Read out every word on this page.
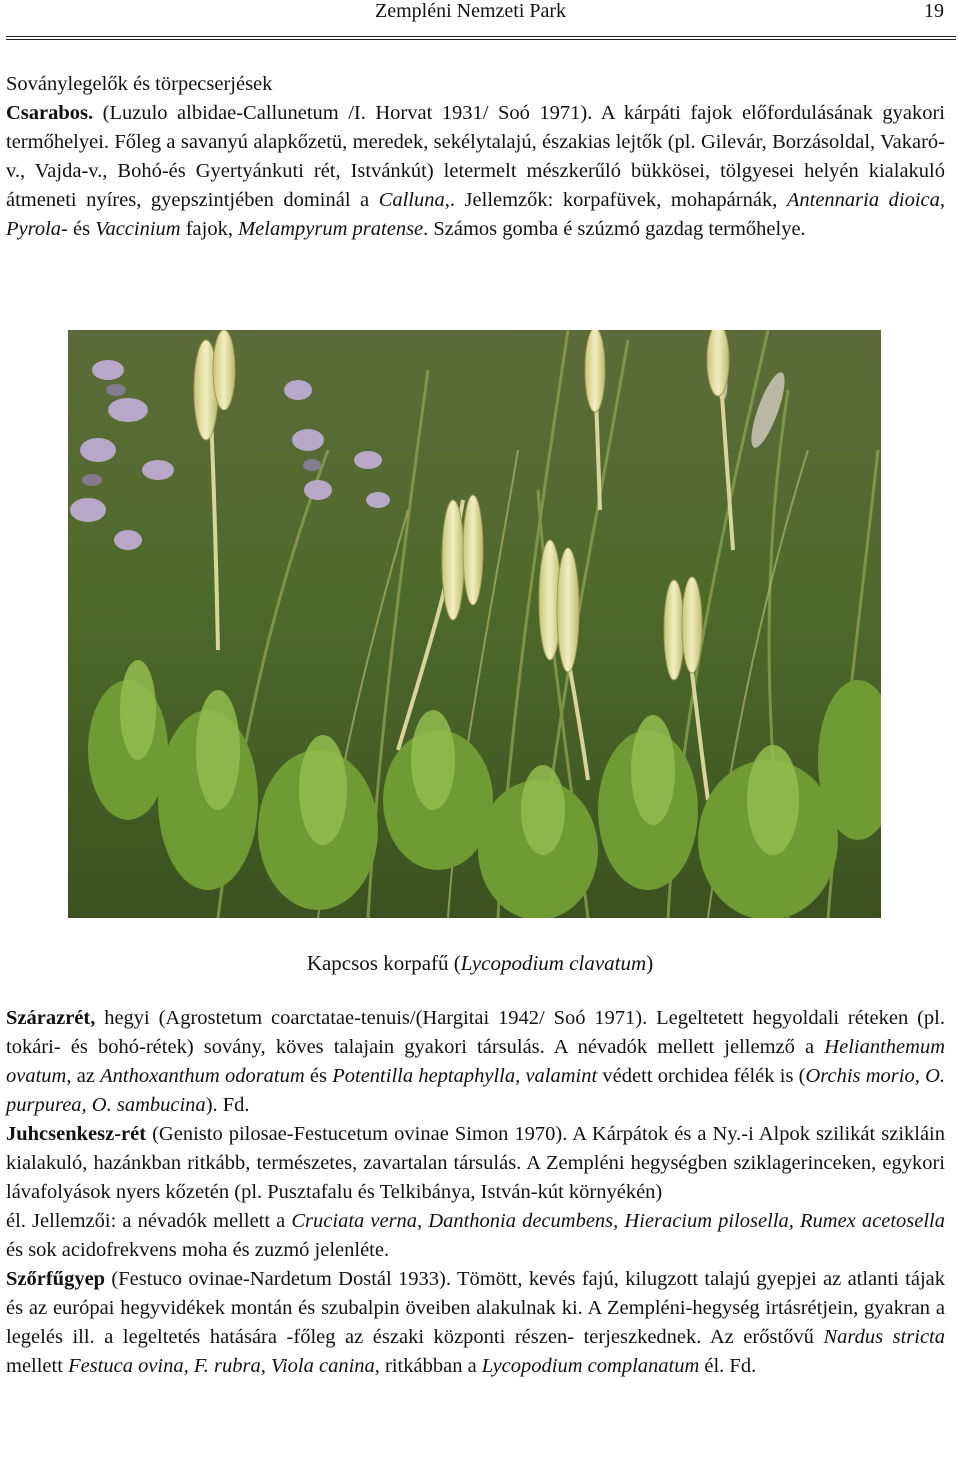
Zempléni Nemzeti Park	19

Soványlegelők és törpecserjések

Csarabos. (Luzulo albidae-Callunetum /I. Horvat 1931/ Soó 1971). A kárpáti fajok előfordulásának gyakori termőhelyei. Főleg a savanyú alapkőzetü, meredek, sekélytalajú, északias lejtők (pl. Gilevár, Borzásoldal, Vakaró-v., Vajda-v., Bohó-és Gyertyánkuti rét, Istvánkút) letermelt mészkerűló bükkösei, tölgyesei helyén kialakuló átmeneti nyíres, gyepszintjében dominál a Calluna,. Jellemzők: korpafüvek, mohapárnák, Antennaria dioica, Pyrola- és Vaccinium fajok, Melampyrum pratense. Számos gomba é szúzmó gazdag termőhelye.

Kapcsos korpafű (Lycopodium clavatum)

Szárazrét, hegyi (Agrostetum coarctatae-tenuis/(Hargitai 1942/ Soó 1971). Legeltetett hegyoldali réteken (pl. tokári- és bohó-rétek) sovány, köves talajain gyakori társulás. A névadók mellett jellemző a Helianthemum ovatum, az Anthoxanthum odoratum és Potentilla heptaphylla, valamint védett orchidea félék is (Orchis morio, O. purpurea, O. sambucina). Fd.

Juhcsenkesz-rét (Genisto pilosae-Festucetum ovinae Simon 1970). A Kárpátok és a Ny.-i Alpok szilikát szikláin kialakuló, hazánkban ritkább, természetes, zavartalan társulás. A Zempléni hegységben sziklagerinceken, egykori lávafolyások nyers kőzetén (pl. Pusztafalu és Telkibánya, István-kút környékén)
él. Jellemzői: a névadók mellett a Cruciata verna, Danthonia decumbens, Hieracium pilosella, Rumex acetosella és sok acidofrekvens moha és zuzmó jelenléte.

Szőrfűgyep (Festuco ovinae-Nardetum Dostál 1933). Tömött, kevés fajú, kilugzott talajú gyepjei az atlanti tájak és az európai hegyvidékek montán és szubalpin öveiben alakulnak ki. A Zempléni-hegység irtásrétjein, gyakran a legelés ill. a legeltetés hatására -főleg az északi központi részen- terjeszkednek. Az erőstővű Nardus stricta mellett Festuca ovina, F. rubra, Viola canina, ritkábban a Lycopodium complanatum él. Fd.
